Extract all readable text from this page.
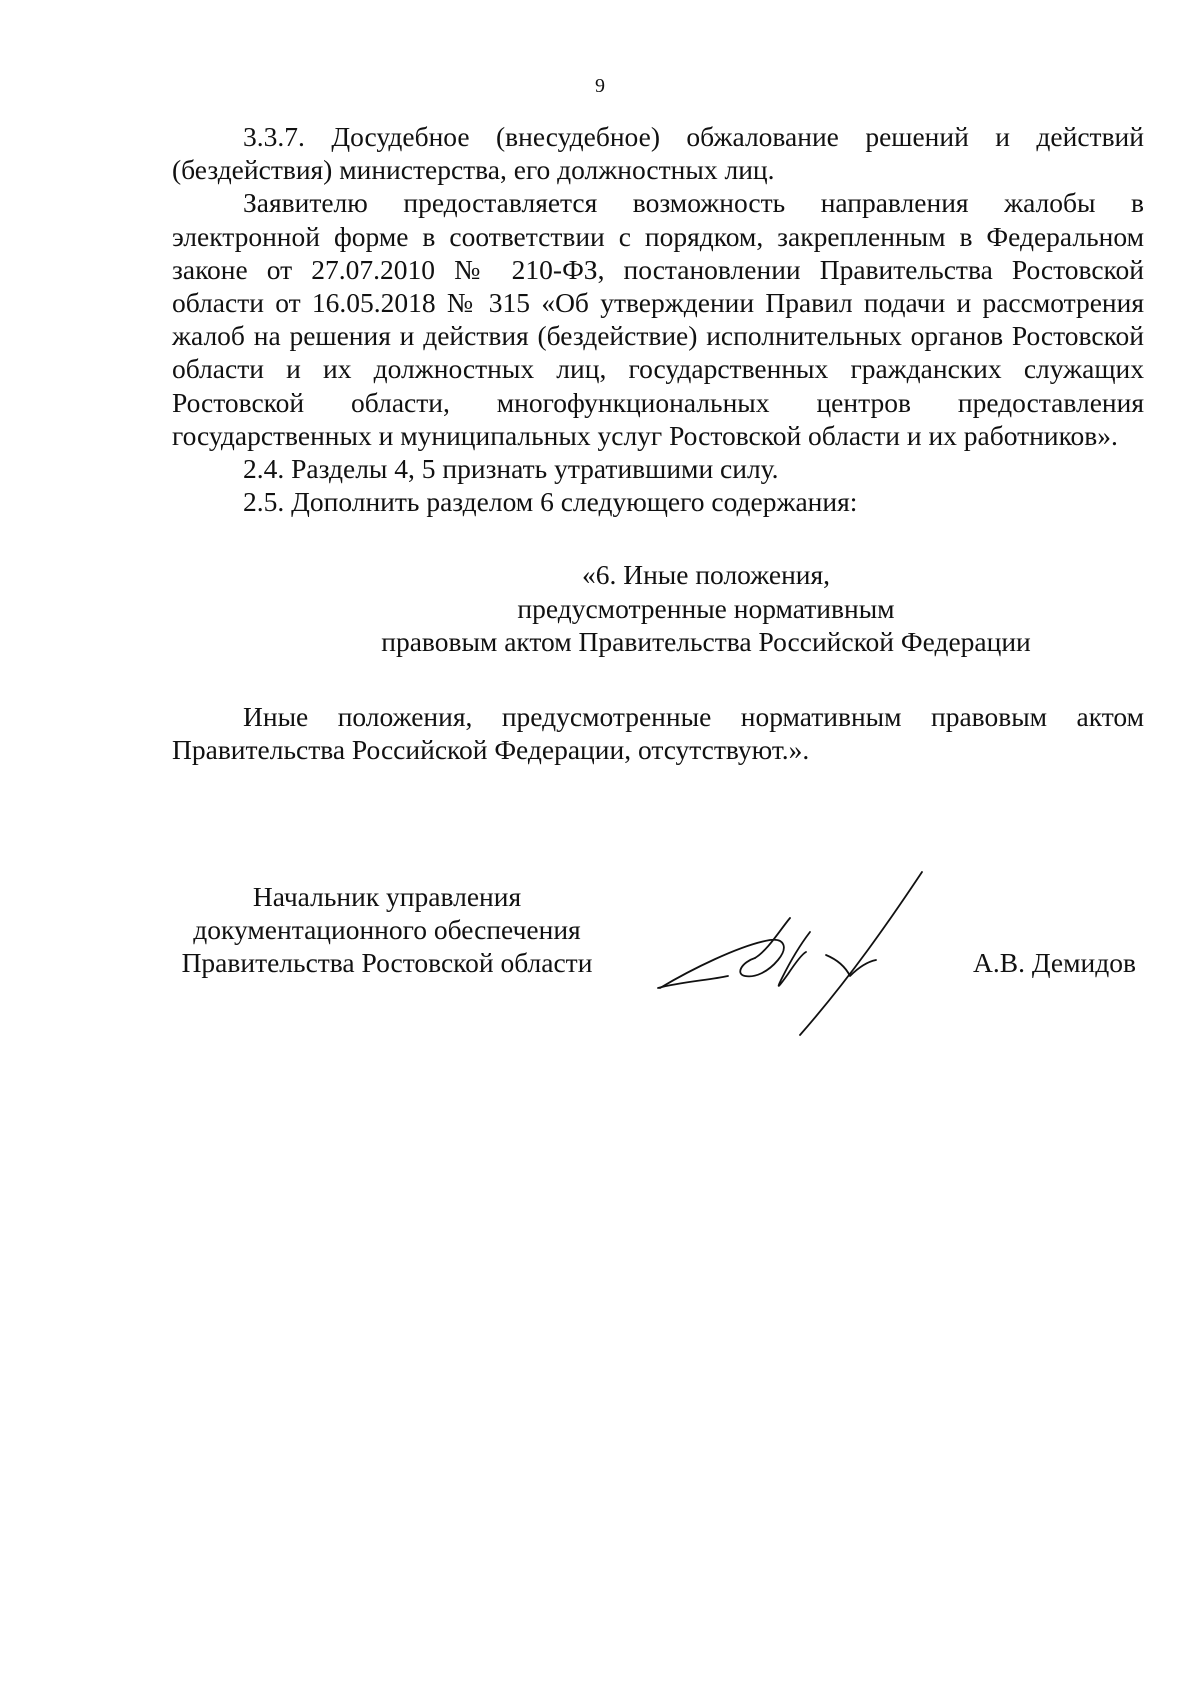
9

3.3.7. Досудебное (внесудебное) обжалование решений и действий (бездействия) министерства, его должностных лиц.

Заявителю предоставляется возможность направления жалобы в электронной форме в соответствии с порядком, закрепленным в Федеральном законе от 27.07.2010 № 210-ФЗ, постановлении Правительства Ростовской области от 16.05.2018 № 315 «Об утверждении Правил подачи и рассмотрения жалоб на решения и действия (бездействие) исполнительных органов Ростовской области и их должностных лиц, государственных гражданских служащих Ростовской области, многофункциональных центров предоставления государственных и муниципальных услуг Ростовской области и их работников».

2.4. Разделы 4, 5 признать утратившими силу.

2.5. Дополнить разделом 6 следующего содержания:

«6. Иные положения,
предусмотренные нормативным
правовым актом Правительства Российской Федерации

Иные положения, предусмотренные нормативным правовым актом Правительства Российской Федерации, отсутствуют.».

Начальник управления
документационного обеспечения
Правительства Ростовской области	А.В. Демидов
